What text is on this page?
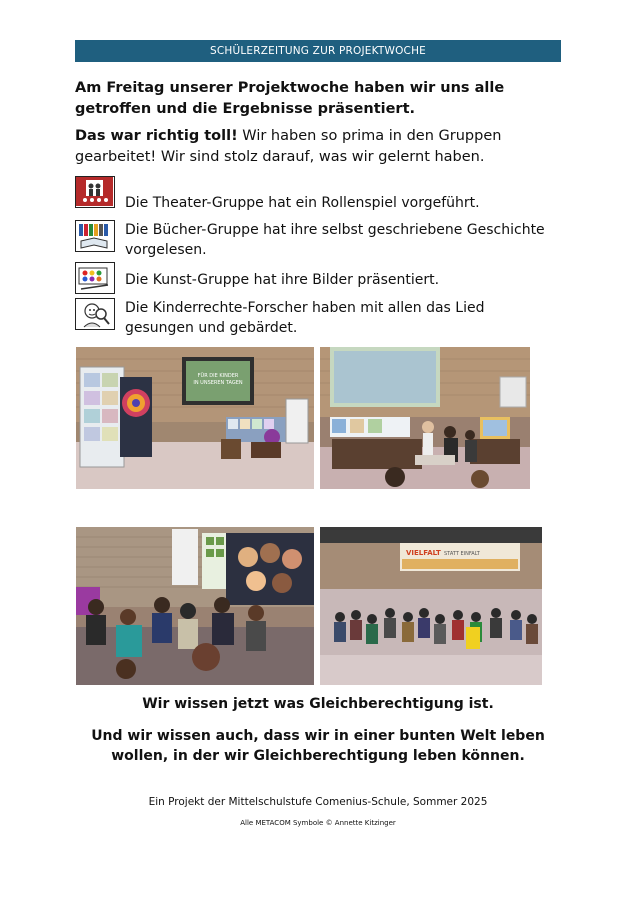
SCHÜLERZEITUNG ZUR PROJEKTWOCHE
Am Freitag unserer Projektwoche haben wir uns alle getroffen und die Ergebnisse präsentiert.
Das war richtig toll! Wir haben so prima in den Gruppen gearbeitet! Wir sind stolz darauf, was wir gelernt haben.
Die Theater-Gruppe hat ein Rollenspiel vorgeführt.
Die Bücher-Gruppe hat ihre selbst geschriebene Geschichte vorgelesen.
Die Kunst-Gruppe hat ihre Bilder präsentiert.
Die Kinderrechte-Forscher haben mit allen das Lied gesungen und gebärdet.
FÜR DIE KINDER
IN UNSEREN TAGEN
VIELFALT STATT EINFALT
Wir wissen jetzt was Gleichberechtigung ist.
Und wir wissen auch, dass wir in einer bunten Welt leben wollen, in der wir Gleichberechtigung leben können.
Ein Projekt der Mittelschulstufe Comenius-Schule, Sommer 2025
Alle METACOM Symbole © Annette Kitzinger
